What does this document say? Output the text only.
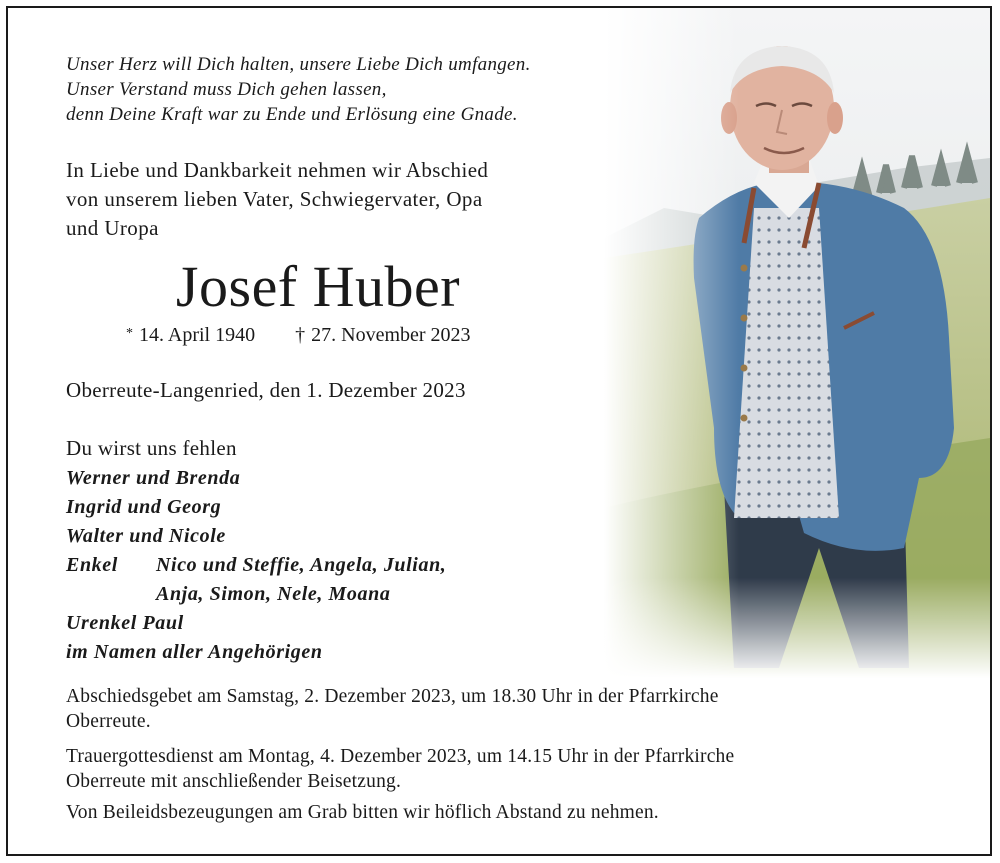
Unser Herz will Dich halten, unsere Liebe Dich umfangen.
Unser Verstand muss Dich gehen lassen,
denn Deine Kraft war zu Ende und Erlösung eine Gnade.
In Liebe und Dankbarkeit nehmen wir Abschied
von unserem lieben Vater, Schwiegervater, Opa
und Uropa
Josef Huber
* 14. April 1940 † 27. November 2023
Oberreute-Langenried, den 1. Dezember 2023
Du wirst uns fehlen
Werner und Brenda
Ingrid und Georg
Walter und Nicole
Enkel Nico und Steffie, Angela, Julian,
Anja, Simon, Nele, Moana
Urenkel Paul
im Namen aller Angehörigen
Abschiedsgebet am Samstag, 2. Dezember 2023, um 18.30 Uhr in der Pfarrkirche
Oberreute.
Trauergottesdienst am Montag, 4. Dezember 2023, um 14.15 Uhr in der Pfarrkirche
Oberreute mit anschließender Beisetzung.
Von Beileidsbezeugungen am Grab bitten wir höflich Abstand zu nehmen.
